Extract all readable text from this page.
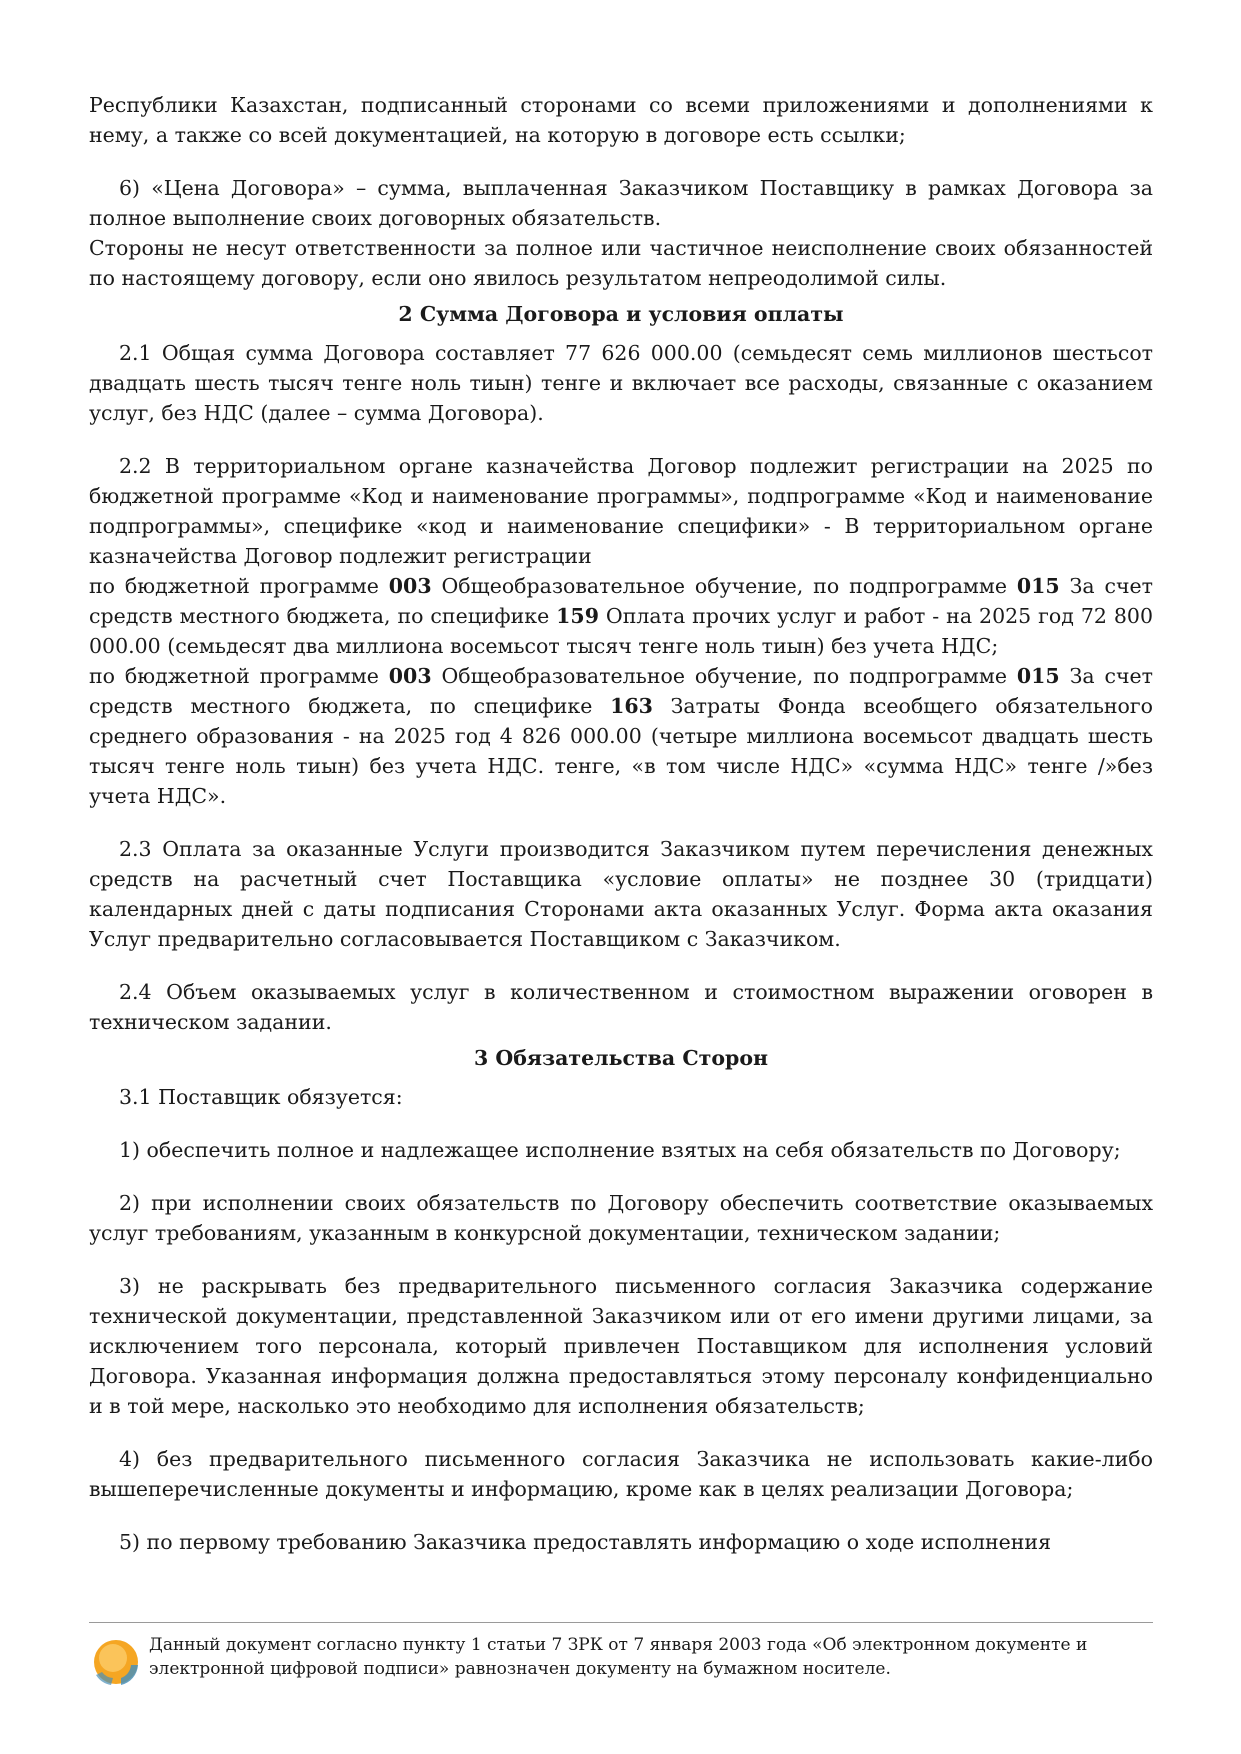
Республики Казахстан, подписанный сторонами со всеми приложениями и дополнениями к нему, а также со всей документацией, на которую в договоре есть ссылки;

6) «Цена Договора» – сумма, выплаченная Заказчиком Поставщику в рамках Договора за полное выполнение своих договорных обязательств.

Стороны не несут ответственности за полное или частичное неисполнение своих обязанностей по настоящему договору, если оно явилось результатом непреодолимой силы.

2 Сумма Договора и условия оплаты

2.1 Общая сумма Договора составляет 77 626 000.00 (семьдесят семь миллионов шестьсот двадцать шесть тысяч тенге ноль тиын) тенге и включает все расходы, связанные с оказанием услуг, без НДС (далее – сумма Договора).

2.2 В территориальном органе казначейства Договор подлежит регистрации на 2025 по бюджетной программе «Код и наименование программы», подпрограмме «Код и наименование подпрограммы», специфике «код и наименование специфики» - В территориальном органе казначейства Договор подлежит регистрации

по бюджетной программе 003 Общеобразовательное обучение, по подпрограмме 015 За счет средств местного бюджета, по специфике 159 Оплата прочих услуг и работ - на 2025 год 72 800 000.00 (семьдесят два миллиона восемьсот тысяч тенге ноль тиын) без учета НДС;

по бюджетной программе 003 Общеобразовательное обучение, по подпрограмме 015 За счет средств местного бюджета, по специфике 163 Затраты Фонда всеобщего обязательного среднего образования - на 2025 год 4 826 000.00 (четыре миллиона восемьсот двадцать шесть тысяч тенге ноль тиын) без учета НДС. тенге, «в том числе НДС» «сумма НДС» тенге /»без учета НДС».

2.3 Оплата за оказанные Услуги производится Заказчиком путем перечисления денежных средств на расчетный счет Поставщика «условие оплаты» не позднее 30 (тридцати) календарных дней с даты подписания Сторонами акта оказанных Услуг. Форма акта оказания Услуг предварительно согласовывается Поставщиком с Заказчиком.

2.4 Объем оказываемых услуг в количественном и стоимостном выражении оговорен в техническом задании.

3 Обязательства Сторон

3.1 Поставщик обязуется:

1) обеспечить полное и надлежащее исполнение взятых на себя обязательств по Договору;

2) при исполнении своих обязательств по Договору обеспечить соответствие оказываемых услуг требованиям, указанным в конкурсной документации, техническом задании;

3) не раскрывать без предварительного письменного согласия Заказчика содержание технической документации, представленной Заказчиком или от его имени другими лицами, за исключением того персонала, который привлечен Поставщиком для исполнения условий Договора. Указанная информация должна предоставляться этому персоналу конфиденциально и в той мере, насколько это необходимо для исполнения обязательств;

4) без предварительного письменного согласия Заказчика не использовать какие-либо вышеперечисленные документы и информацию, кроме как в целях реализации Договора;

5) по первому требованию Заказчика предоставлять информацию о ходе исполнения

Данный документ согласно пункту 1 статьи 7 ЗРК от 7 января 2003 года «Об электронном документе и
электронной цифровой подписи» равнозначен документу на бумажном носителе.
